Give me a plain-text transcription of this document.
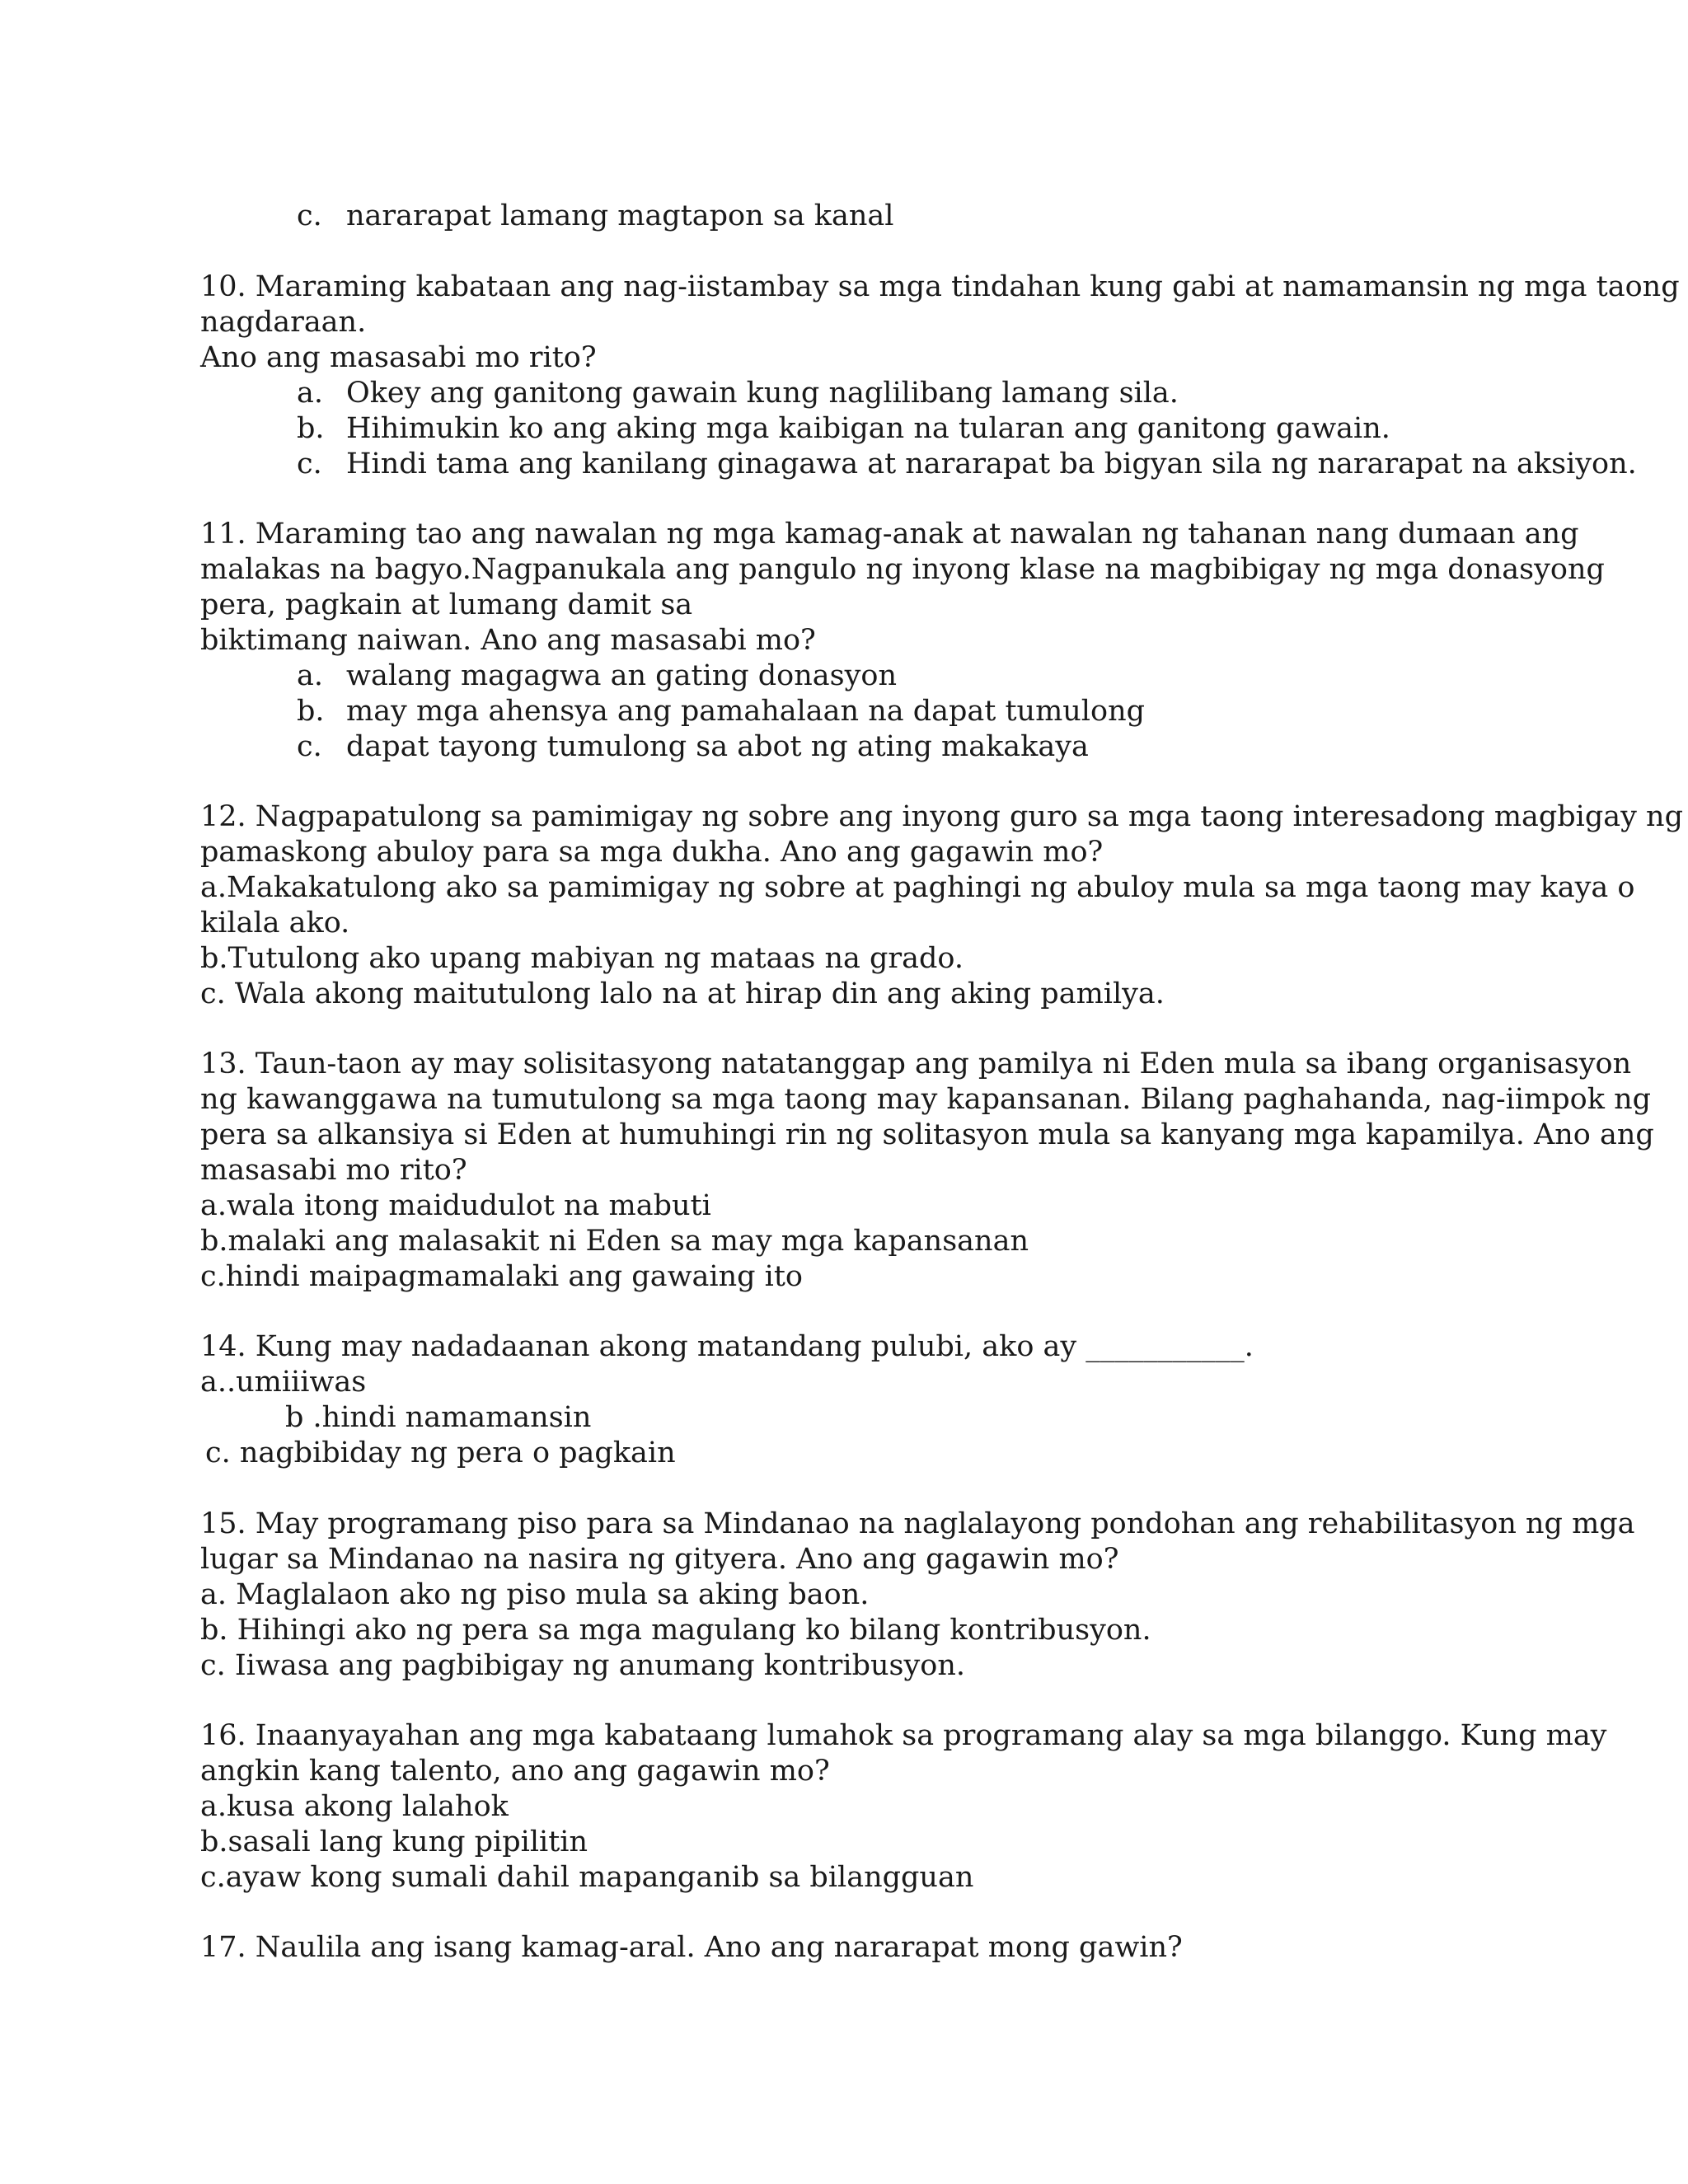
c. nararapat lamang magtapon sa kanal
10. Maraming kabataan ang nag-iistambay sa mga tindahan kung gabi at namamansin ng mga taong
nagdaraan.
Ano ang masasabi mo rito?
a. Okey ang ganitong gawain kung naglilibang lamang sila.
b. Hihimukin ko ang aking mga kaibigan na tularan ang ganitong gawain.
c. Hindi tama ang kanilang ginagawa at nararapat ba bigyan sila ng nararapat na aksiyon.
11. Maraming tao ang nawalan ng mga kamag-anak at nawalan ng tahanan nang dumaan ang
malakas na bagyo.Nagpanukala ang pangulo ng inyong klase na magbibigay ng mga donasyong
pera, pagkain at lumang damit sa
biktimang naiwan. Ano ang masasabi mo?
a. walang magagwa an gating donasyon
b. may mga ahensya ang pamahalaan na dapat tumulong
c. dapat tayong tumulong sa abot ng ating makakaya
12. Nagpapatulong sa pamimigay ng sobre ang inyong guro sa mga taong interesadong magbigay ng
pamaskong abuloy para sa mga dukha. Ano ang gagawin mo?
a.Makakatulong ako sa pamimigay ng sobre at paghingi ng abuloy mula sa mga taong may kaya o
kilala ako.
b.Tutulong ako upang mabiyan ng mataas na grado.
c. Wala akong maitutulong lalo na at hirap din ang aking pamilya.
13. Taun-taon ay may solisitasyong natatanggap ang pamilya ni Eden mula sa ibang organisasyon
ng kawanggawa na tumutulong sa mga taong may kapansanan. Bilang paghahanda, nag-iimpok ng
pera sa alkansiya si Eden at humuhingi rin ng solitasyon mula sa kanyang mga kapamilya. Ano ang
masasabi mo rito?
a.wala itong maidudulot na mabuti
b.malaki ang malasakit ni Eden sa may mga kapansanan
c.hindi maipagmamalaki ang gawaing ito
14. Kung may nadadaanan akong matandang pulubi, ako ay ___________.
a..umiiiwas
b .hindi namamansin
c. nagbibiday ng pera o pagkain
15. May programang piso para sa Mindanao na naglalayong pondohan ang rehabilitasyon ng mga
lugar sa Mindanao na nasira ng gityera. Ano ang gagawin mo?
a. Maglalaon ako ng piso mula sa aking baon.
b. Hihingi ako ng pera sa mga magulang ko bilang kontribusyon.
c. Iiwasa ang pagbibigay ng anumang kontribusyon.
16. Inaanyayahan ang mga kabataang lumahok sa programang alay sa mga bilanggo. Kung may
angkin kang talento, ano ang gagawin mo?
a.kusa akong lalahok
b.sasali lang kung pipilitin
c.ayaw kong sumali dahil mapanganib sa bilangguan
17. Naulila ang isang kamag-aral. Ano ang nararapat mong gawin?
